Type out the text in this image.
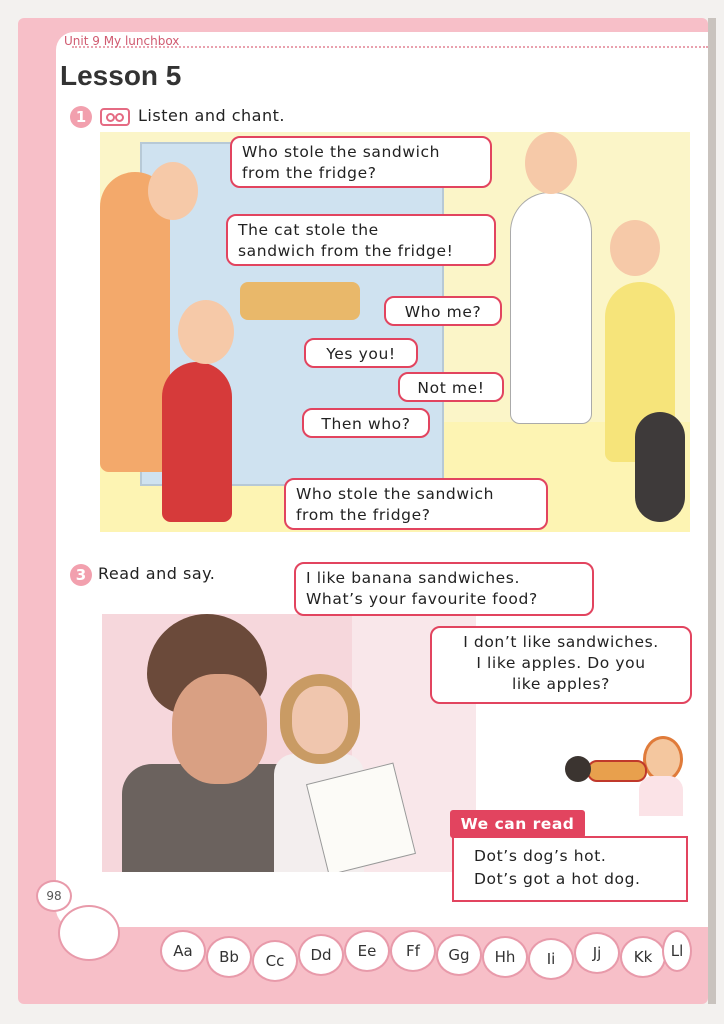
Unit 9 My lunchbox
Lesson 5
1	Listen and chant.
Who stole the sandwich
from the fridge?
The cat stole the
sandwich from the fridge!
Who me?
Yes you!
Not me!
Then who?
Who stole the sandwich
from the fridge?
3 Read and say.	I like banana sandwiches.
What’s your favourite food?
I don’t like sandwiches.
I like apples. Do you
like apples?
We can read
Dot’s dog’s hot.
Dot’s got a hot dog.
98
Aa	Bb	Cc	Dd	Ee	Ff	Gg	Hh	Ii	Jj	Kk	Ll
